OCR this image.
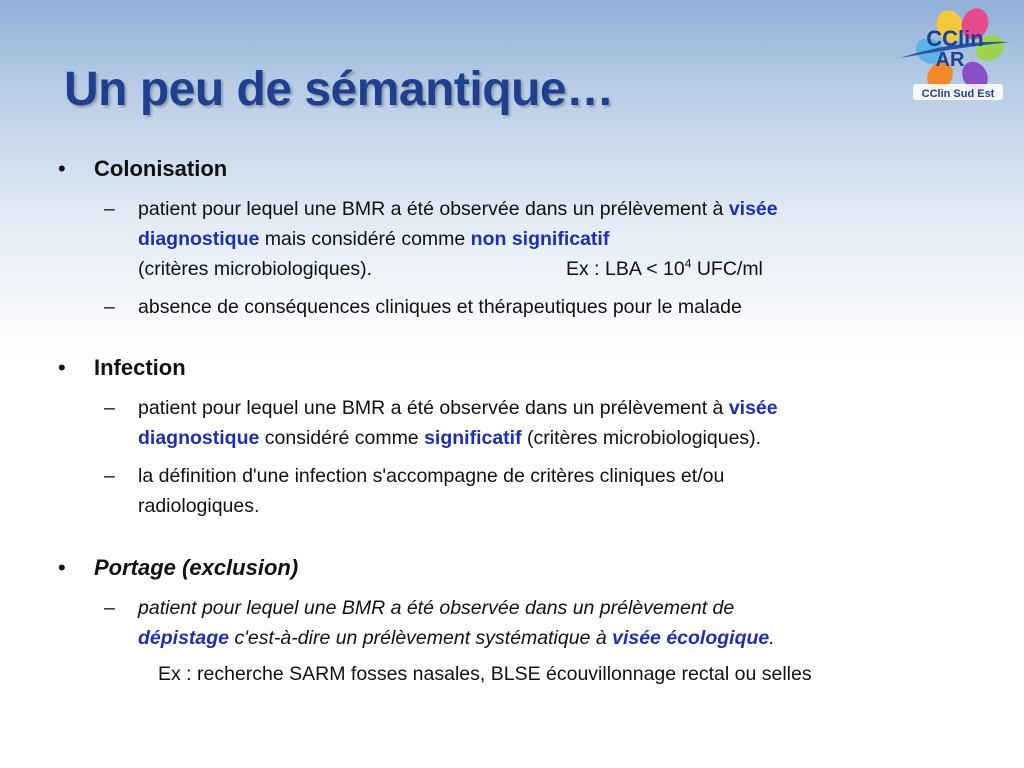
Un peu de sémantique…
CClin
AR
CClin Sud Est
• Colonisation
– patient pour lequel une BMR a été observée dans un prélèvement à visée
diagnostique mais considéré comme non significatif
(critères microbiologiques).	Ex : LBA < $10^4$ UFC/ml
– absence de conséquences cliniques et thérapeutiques pour le malade
• Infection
– patient pour lequel une BMR a été observée dans un prélèvement à visée
diagnostique considéré comme significatif (critères microbiologiques).
– la définition d'une infection s'accompagne de critères cliniques et/ou
radiologiques.
• Portage (exclusion)
– patient pour lequel une BMR a été observée dans un prélèvement de
dépistage c'est-à-dire un prélèvement systématique à visée écologique.
Ex : recherche SARM fosses nasales, BLSE écouvillonnage rectal ou selles
